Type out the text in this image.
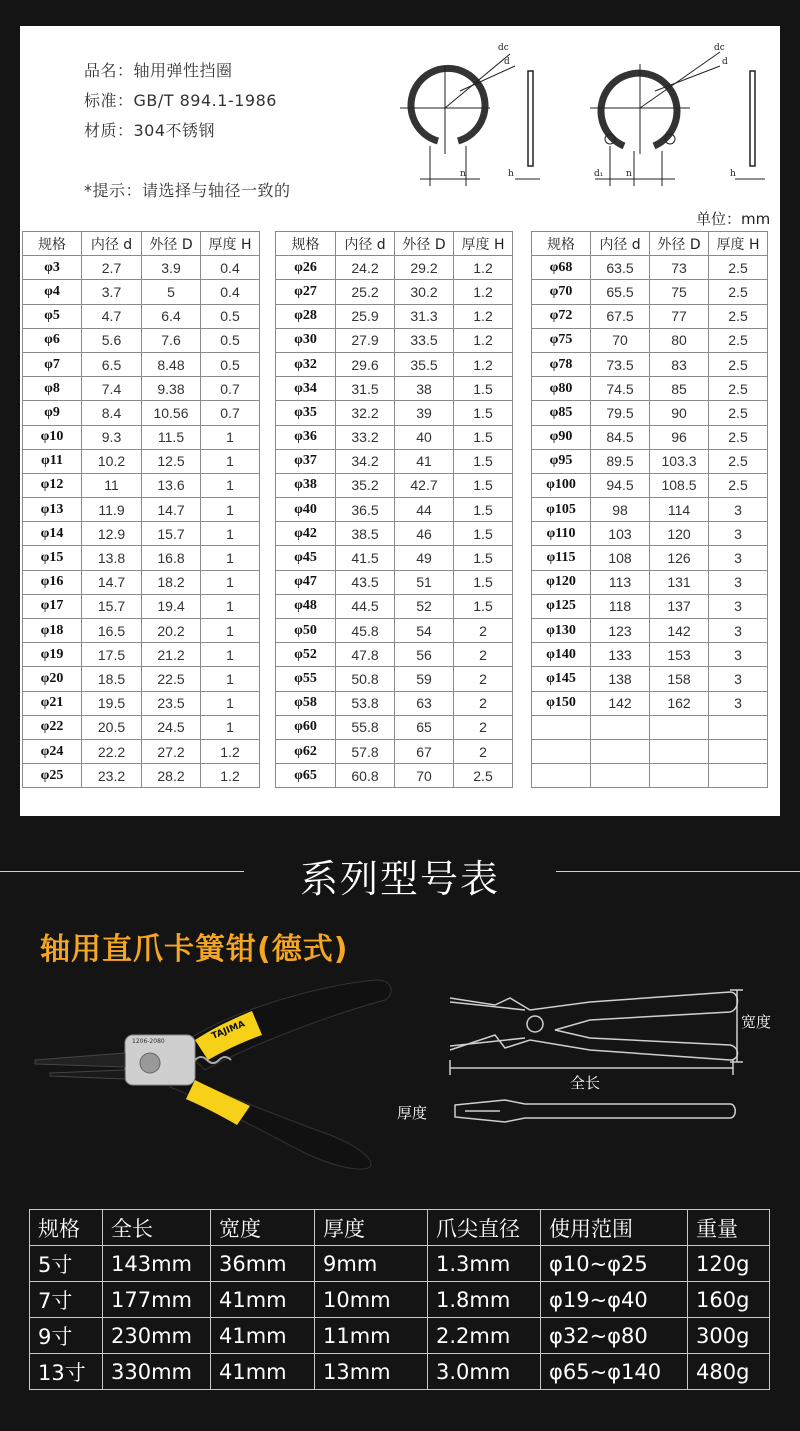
品名：轴用弹性挡圈
标准：GB/T 894.1-1986
材质：304不锈钢
*提示：请选择与轴径一致的
单位：mm
dc
d
n	h
dc
d
d₁	n	h
规格	内径 d	外径 D	厚度 H		规格	内径 d	外径 D	厚度 H		规格	内径 d	外径 D	厚度 H
φ3	2.7	3.9	0.4		φ26	24.2	29.2	1.2		φ68	63.5	73	2.5
φ4	3.7	5	0.4		φ27	25.2	30.2	1.2		φ70	65.5	75	2.5
φ5	4.7	6.4	0.5		φ28	25.9	31.3	1.2		φ72	67.5	77	2.5
φ6	5.6	7.6	0.5		φ30	27.9	33.5	1.2		φ75	70	80	2.5
φ7	6.5	8.48	0.5		φ32	29.6	35.5	1.2		φ78	73.5	83	2.5
φ8	7.4	9.38	0.7		φ34	31.5	38	1.5		φ80	74.5	85	2.5
φ9	8.4	10.56	0.7		φ35	32.2	39	1.5		φ85	79.5	90	2.5
φ10	9.3	11.5	1		φ36	33.2	40	1.5		φ90	84.5	96	2.5
φ11	10.2	12.5	1		φ37	34.2	41	1.5		φ95	89.5	103.3	2.5
φ12	11	13.6	1		φ38	35.2	42.7	1.5		φ100	94.5	108.5	2.5
φ13	11.9	14.7	1		φ40	36.5	44	1.5		φ105	98	114	3
φ14	12.9	15.7	1		φ42	38.5	46	1.5		φ110	103	120	3
φ15	13.8	16.8	1		φ45	41.5	49	1.5		φ115	108	126	3
φ16	14.7	18.2	1		φ47	43.5	51	1.5		φ120	113	131	3
φ17	15.7	19.4	1		φ48	44.5	52	1.5		φ125	118	137	3
φ18	16.5	20.2	1		φ50	45.8	54	2		φ130	123	142	3
φ19	17.5	21.2	1		φ52	47.8	56	2		φ140	133	153	3
φ20	18.5	22.5	1		φ55	50.8	59	2		φ145	138	158	3
φ21	19.5	23.5	1		φ58	53.8	63	2		φ150	142	162	3
φ22	20.5	24.5	1		φ60	55.8	65	2					
φ24	22.2	27.2	1.2		φ62	57.8	67	2					
φ25	23.2	28.2	1.2		φ65	60.8	70	2.5					
系列型号表
轴用直爪卡簧钳(德式)
TAJIMA
1206-2080
宽度
全长
厚度
规格	全长	宽度	厚度	爪尖直径	使用范围	重量
5寸	143mm	36mm	9mm	1.3mm	φ10~φ25	120g
7寸	177mm	41mm	10mm	1.8mm	φ19~φ40	160g
9寸	230mm	41mm	11mm	2.2mm	φ32~φ80	300g
13寸	330mm	41mm	13mm	3.0mm	φ65~φ140	480g
